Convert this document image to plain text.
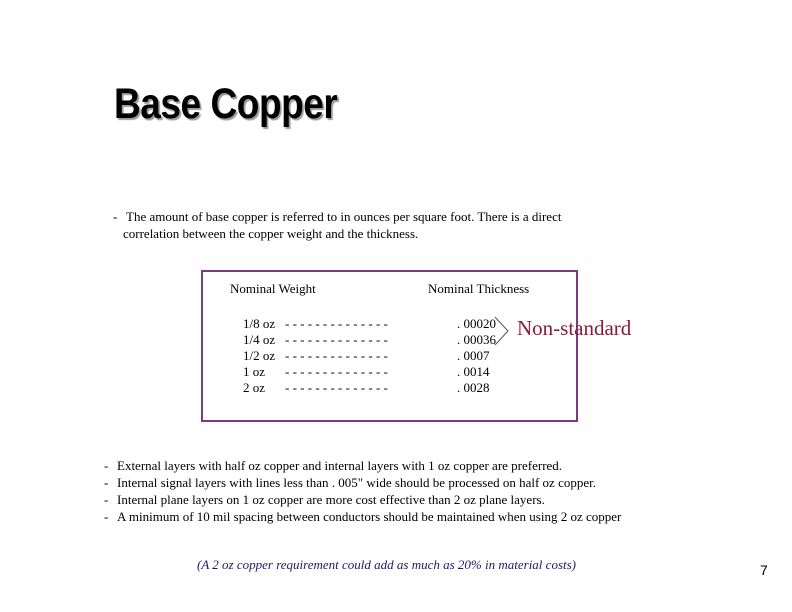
Base Copper
- The amount of base copper is referred to in ounces per square foot. There is a direct
correlation between the copper weight and the thickness.
Nominal Weight	Nominal Thickness
1/8 oz - - - - - - - - - - - - - -	. 00020
1/4 oz - - - - - - - - - - - - - -	. 00036
1/2 oz - - - - - - - - - - - - - -	. 0007
1 oz	- - - - - - - - - - - - - -	. 0014
2 oz	- - - - - - - - - - - - - -	. 0028
Non-standard
- External layers with half oz copper and internal layers with 1 oz copper are preferred.
- Internal signal layers with lines less than . 005" wide should be processed on half oz copper.
- Internal plane layers on 1 oz copper are more cost effective than 2 oz plane layers.
- A minimum of 10 mil spacing between conductors should be maintained when using 2 oz copper
(A 2 oz copper requirement could add as much as 20% in material costs)	7
